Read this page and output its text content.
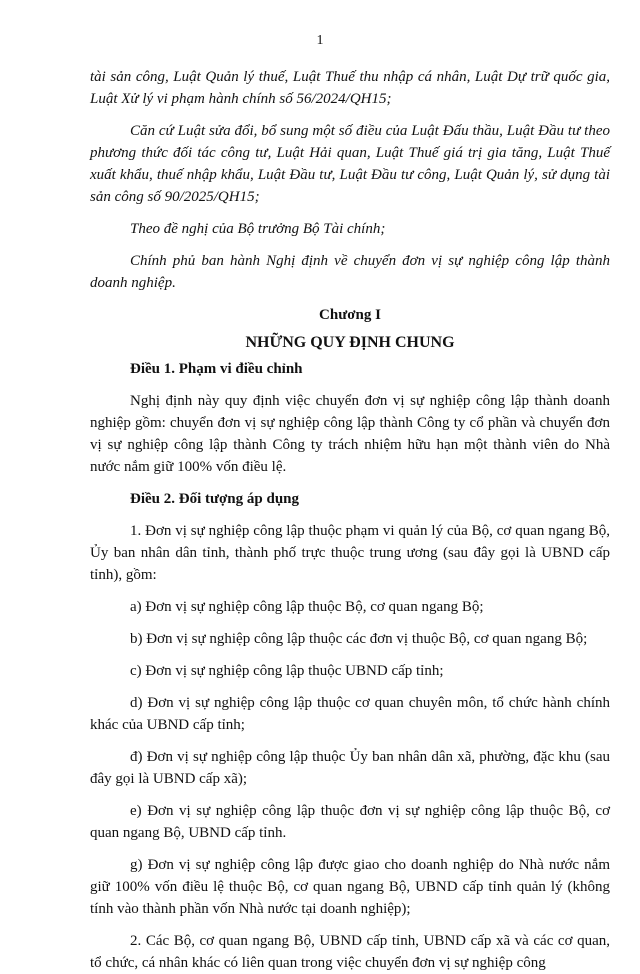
1

tài sản công, Luật Quản lý thuế, Luật Thuế thu nhập cá nhân, Luật Dự trữ quốc gia, Luật Xử lý vi phạm hành chính số 56/2024/QH15;

Căn cứ Luật sửa đổi, bổ sung một số điều của Luật Đấu thầu, Luật Đầu tư theo phương thức đối tác công tư, Luật Hải quan, Luật Thuế giá trị gia tăng, Luật Thuế xuất khẩu, thuế nhập khẩu, Luật Đầu tư, Luật Đầu tư công, Luật Quản lý, sử dụng tài sản công số 90/2025/QH15;

Theo đề nghị của Bộ trưởng Bộ Tài chính;

Chính phủ ban hành Nghị định về chuyển đơn vị sự nghiệp công lập thành doanh nghiệp.

Chương I

NHỮNG QUY ĐỊNH CHUNG

Điều 1. Phạm vi điều chỉnh

Nghị định này quy định việc chuyển đơn vị sự nghiệp công lập thành doanh nghiệp gồm: chuyển đơn vị sự nghiệp công lập thành Công ty cổ phần và chuyển đơn vị sự nghiệp công lập thành Công ty trách nhiệm hữu hạn một thành viên do Nhà nước nắm giữ 100% vốn điều lệ.

Điều 2. Đối tượng áp dụng

1. Đơn vị sự nghiệp công lập thuộc phạm vi quản lý của Bộ, cơ quan ngang Bộ, Ủy ban nhân dân tỉnh, thành phố trực thuộc trung ương (sau đây gọi là UBND cấp tỉnh), gồm:

a) Đơn vị sự nghiệp công lập thuộc Bộ, cơ quan ngang Bộ;

b) Đơn vị sự nghiệp công lập thuộc các đơn vị thuộc Bộ, cơ quan ngang Bộ;

c) Đơn vị sự nghiệp công lập thuộc UBND cấp tỉnh;

d) Đơn vị sự nghiệp công lập thuộc cơ quan chuyên môn, tổ chức hành chính khác của UBND cấp tỉnh;

đ) Đơn vị sự nghiệp công lập thuộc Ủy ban nhân dân xã, phường, đặc khu (sau đây gọi là UBND cấp xã);

e) Đơn vị sự nghiệp công lập thuộc đơn vị sự nghiệp công lập thuộc Bộ, cơ quan ngang Bộ, UBND cấp tỉnh.

g) Đơn vị sự nghiệp công lập được giao cho doanh nghiệp do Nhà nước nắm giữ 100% vốn điều lệ thuộc Bộ, cơ quan ngang Bộ, UBND cấp tỉnh quản lý (không tính vào thành phần vốn Nhà nước tại doanh nghiệp);

2. Các Bộ, cơ quan ngang Bộ, UBND cấp tỉnh, UBND cấp xã và các cơ quan, tổ chức, cá nhân khác có liên quan trong việc chuyển đơn vị sự nghiệp công
